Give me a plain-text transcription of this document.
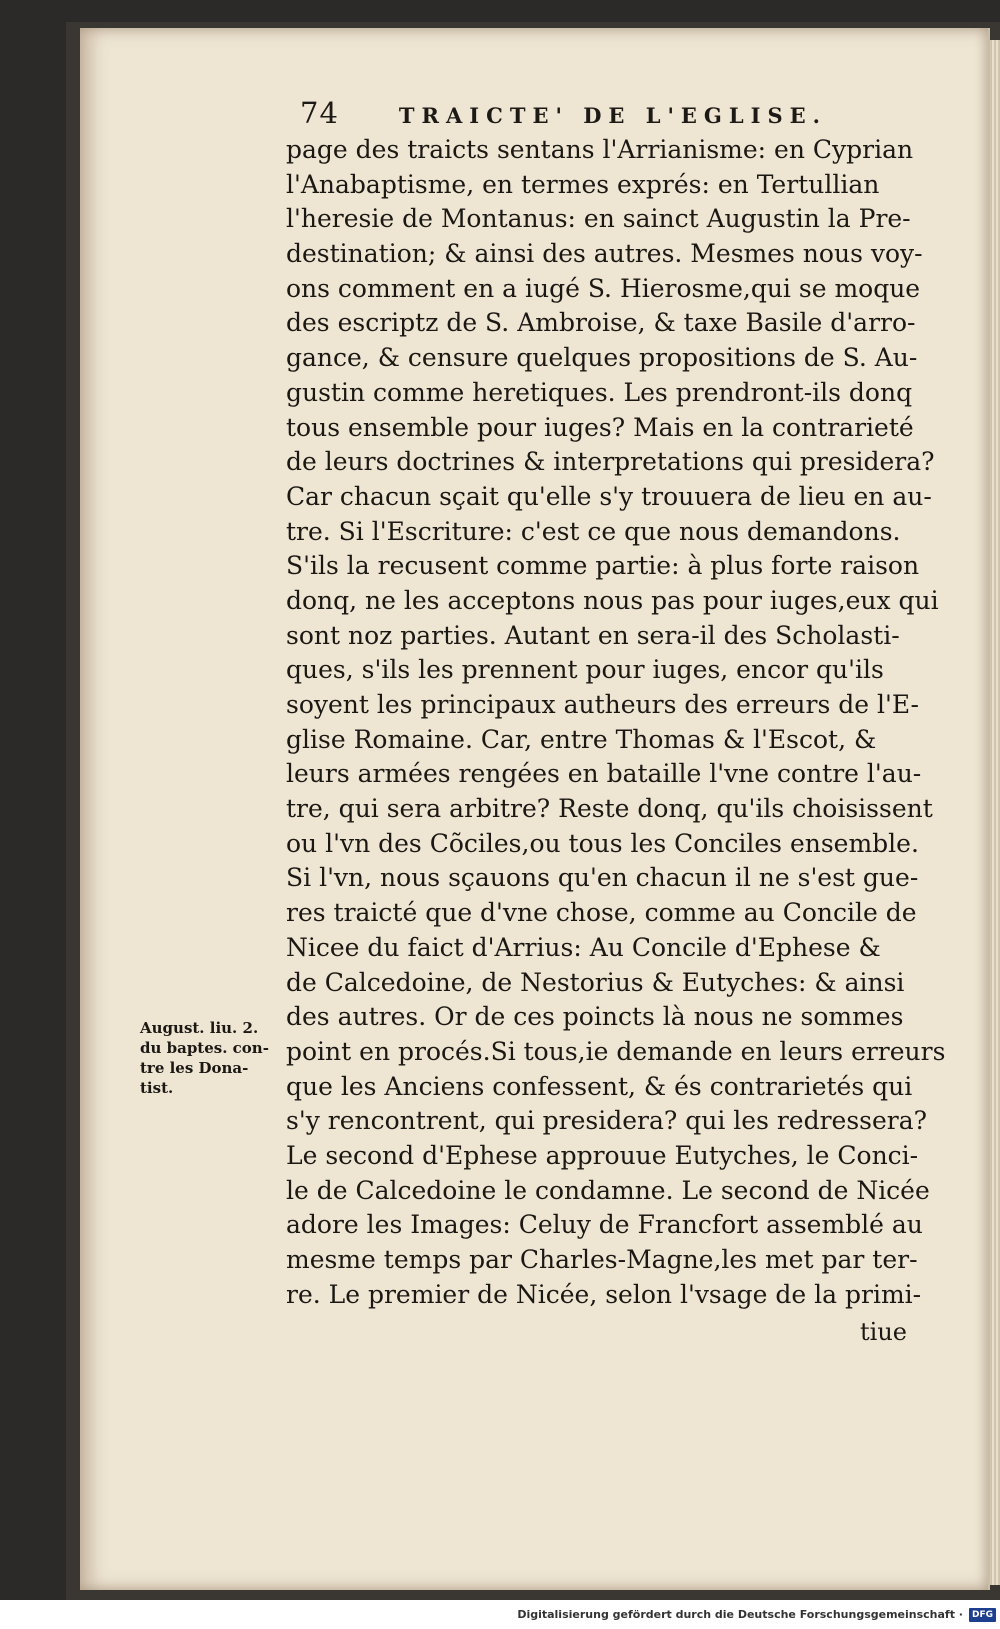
74	TRAICTE' DE L'EGLISE.
page des traicts sentans l'Arrianisme: en Cyprian
l'Anabaptisme, en termes exprés: en Tertullian
l'heresie de Montanus: en sainct Augustin la Pre-
destination; & ainsi des autres. Mesmes nous voy-
ons comment en a iugé S. Hierosme,qui se moque
des escriptz de S. Ambroise, & taxe Basile d'arro-
gance, & censure quelques propositions de S. Au-
gustin comme heretiques. Les prendront-ils donq
tous ensemble pour iuges? Mais en la contrarieté
de leurs doctrines & interpretations qui presidera?
Car chacun sçait qu'elle s'y trouuera de lieu en au-
tre. Si l'Escriture: c'est ce que nous demandons.
S'ils la recusent comme partie: à plus forte raison
donq, ne les acceptons nous pas pour iuges,eux qui
sont noz parties. Autant en sera-il des Scholasti-
ques, s'ils les prennent pour iuges, encor qu'ils
soyent les principaux autheurs des erreurs de l'E-
glise Romaine. Car, entre Thomas & l'Escot, &
leurs armées rengées en bataille l'vne contre l'au-
tre, qui sera arbitre? Reste donq, qu'ils choisissent
ou l'vn des Cõciles,ou tous les Conciles ensemble.
Si l'vn, nous sçauons qu'en chacun il ne s'est gue-
res traicté que d'vne chose, comme au Concile de
Nicee du faict d'Arrius: Au Concile d'Ephese &
de Calcedoine, de Nestorius & Eutyches: & ainsi
des autres. Or de ces poincts là nous ne sommes
point en procés.Si tous,ie demande en leurs erreurs
que les Anciens confessent, & és contrarietés qui
s'y rencontrent, qui presidera? qui les redressera?
Le second d'Ephese approuue Eutyches, le Conci-
le de Calcedoine le condamne. Le second de Nicée
adore les Images: Celuy de Francfort assemblé au
mesme temps par Charles-Magne,les met par ter-
re. Le premier de Nicée, selon l'vsage de la primi-
August. liu. 2.
du baptes. con-
tre les Dona-
tist.
tiue
Digitalisierung gefördert durch die Deutsche Forschungsgemeinschaft ·	DFG
